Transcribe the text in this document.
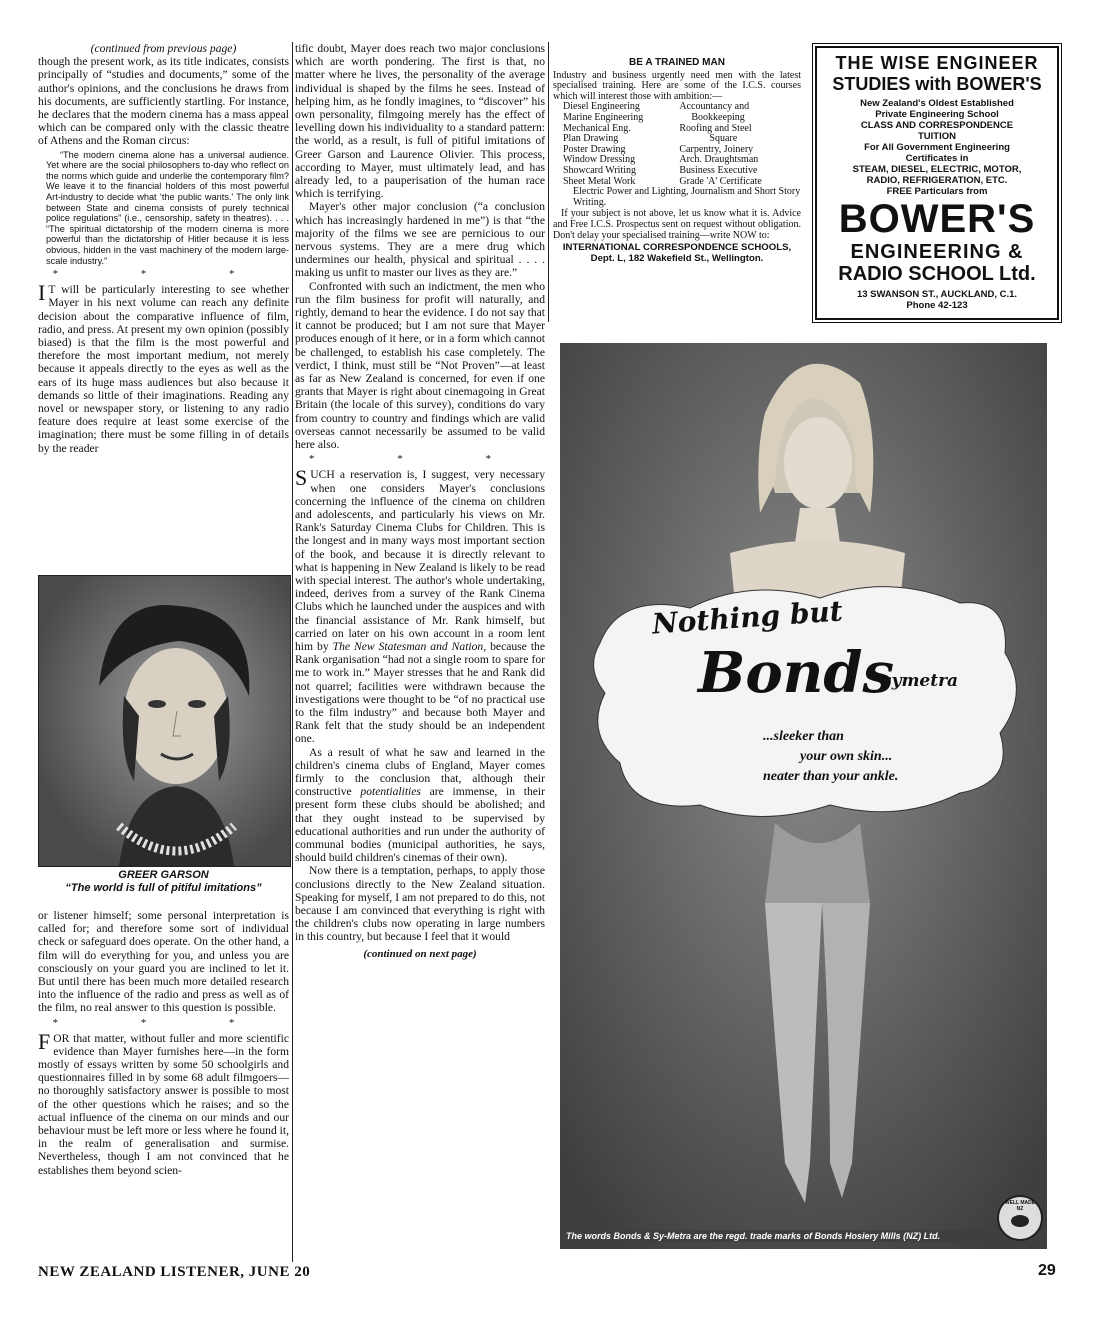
(continued from previous page)

though the present work, as its title indicates, consists principally of “studies and documents,” some of the author's opinions, and the conclusions he draws from his documents, are sufficiently startling. For instance, he declares that the modern cinema has a mass appeal which can be compared only with the classic theatre of Athens and the Roman circus:

“The modern cinema alone has a universal audience. Yet where are the social philosophers to-day who reflect on the norms which guide and underlie the contemporary film? We leave it to the financial holders of this most powerful Art-industry to decide what ‘the public wants.’ The only link between State and cinema consists of purely technical police regulations” (i.e., censorship, safety in theatres). . . . “The spiritual dictatorship of the modern cinema is more powerful than the dictatorship of Hitler because it is less obvious, hidden in the vast machinery of the modern large-scale industry.”

* * *

I T will be particularly interesting to see whether Mayer in his next volume can reach any definite decision about the comparative influence of film, radio, and press. At present my own opinion (possibly biased) is that the film is the most powerful and therefore the most important medium, not merely because it appeals directly to the eyes as well as the ears of its huge mass audiences but also because it demands so little of their imaginations. Reading any novel or newspaper story, or listening to any radio feature does require at least some exercise of the imagination; there must be some filling in of details by the reader

GREER GARSON
“The world is full of pitiful imitations”

or listener himself; some personal interpretation is called for; and therefore some sort of individual check or safeguard does operate. On the other hand, a film will do everything for you, and unless you are consciously on your guard you are inclined to let it. But until there has been much more detailed research into the influence of the radio and press as well as of the film, no real answer to this question is possible.

* * *

FOR that matter, without fuller and more scientific evidence than Mayer furnishes here—in the form mostly of essays written by some 50 schoolgirls and questionnaires filled in by some 68 adult filmgoers—no thoroughly satisfactory answer is possible to most of the other questions which he raises; and so the actual influence of the cinema on our minds and our behaviour must be left more or less where he found it, in the realm of generalisation and surmise. Nevertheless, though I am not convinced that he establishes them beyond scien-

tific doubt, Mayer does reach two major conclusions which are worth pondering. The first is that, no matter where he lives, the personality of the average individual is shaped by the films he sees. Instead of helping him, as he fondly imagines, to “discover” his own personality, filmgoing merely has the effect of levelling down his individuality to a standard pattern: the world, as a result, is full of pitiful imitations of Greer Garson and Laurence Olivier. This process, according to Mayer, must ultimately lead, and has already led, to a pauperisation of the human race which is terrifying.

Mayer's other major conclusion (“a conclusion which has increasingly hardened in me”) is that “the majority of the films we see are pernicious to our nervous systems. They are a mere drug which undermines our health, physical and spiritual . . . . making us unfit to master our lives as they are.”

Confronted with such an indictment, the men who run the film business for profit will naturally, and rightly, demand to hear the evidence. I do not say that it cannot be produced; but I am not sure that Mayer produces enough of it here, or in a form which cannot be challenged, to establish his case completely. The verdict, I think, must still be “Not Proven”—at least as far as New Zealand is concerned, for even if one grants that Mayer is right about cinemagoing in Great Britain (the locale of this survey), conditions do vary from country to country and findings which are valid overseas cannot necessarily be assumed to be valid here also.

* * *

SUCH a reservation is, I suggest, very necessary when one considers Mayer's conclusions concerning the influence of the cinema on children and adolescents, and particularly his views on Mr. Rank's Saturday Cinema Clubs for Children. This is the longest and in many ways most important section of the book, and because it is directly relevant to what is happening in New Zealand is likely to be read with special interest. The author's whole undertaking, indeed, derives from a survey of the Rank Cinema Clubs which he launched under the auspices and with the financial assistance of Mr. Rank himself, but carried on later on his own account in a room lent him by The New Statesman and Nation, because the Rank organisation “had not a single room to spare for me to work in.” Mayer stresses that he and Rank did not quarrel; facilities were withdrawn because the investigations were thought to be “of no practical use to the film industry” and because both Mayer and Rank felt that the study should be an independent one.

As a result of what he saw and learned in the children's cinema clubs of England, Mayer comes firmly to the conclusion that, although their constructive potentialities are immense, in their present form these clubs should be abolished; and that they ought instead to be supervised by educational authorities and run under the authority of communal bodies (municipal authorities, he says, should build children's cinemas of their own).

Now there is a temptation, perhaps, to apply those conclusions directly to the New Zealand situation. Speaking for myself, I am not prepared to do this, not because I am convinced that everything is right with the children's clubs now operating in large numbers in this country, but because I feel that it would

(continued on next page)
BE A TRAINED MAN
Industry and business urgently need men with the latest specialised training. Here are some of the I.C.S. courses which will interest those with ambition:—
Diesel Engineering	Accountancy and
Marine Engineering	Bookkeeping
Mechanical Eng.	Roofing and Steel
Plan Drawing	Square
Poster Drawing	Carpentry, Joinery
Window Dressing	Arch. Draughtsman
Showcard Writing	Business Executive
Sheet Metal Work	Grade 'A' Certificate
Electric Power and Lighting, Journalism and Short Story Writing.
If your subject is not above, let us know what it is. Advice and Free I.C.S. Prospectus sent on request without obligation. Don't delay your specialised training—write NOW to:
INTERNATIONAL CORRESPONDENCE SCHOOLS,
Dept. L, 182 Wakefield St., Wellington.
THE WISE ENGINEER
STUDIES with BOWER'S
New Zealand's Oldest Established
Private Engineering School
CLASS AND CORRESPONDENCE
TUITION
For All Government Engineering
Certificates in
STEAM, DIESEL, ELECTRIC, MOTOR,
RADIO, REFRIGERATION, ETC.
FREE Particulars from
BOWER'S
ENGINEERING &
RADIO SCHOOL Ltd.
13 SWANSON ST., AUCKLAND, C.1.
Phone 42-123
Nothing but
Bonds
symetra
...sleeker than
your own skin...
neater than your ankle.
WELL MADE NZ
The words Bonds & Sy-Metra are the regd. trade marks of Bonds Hosiery Mills (NZ) Ltd.
NEW ZEALAND LISTENER, JUNE 20	29
